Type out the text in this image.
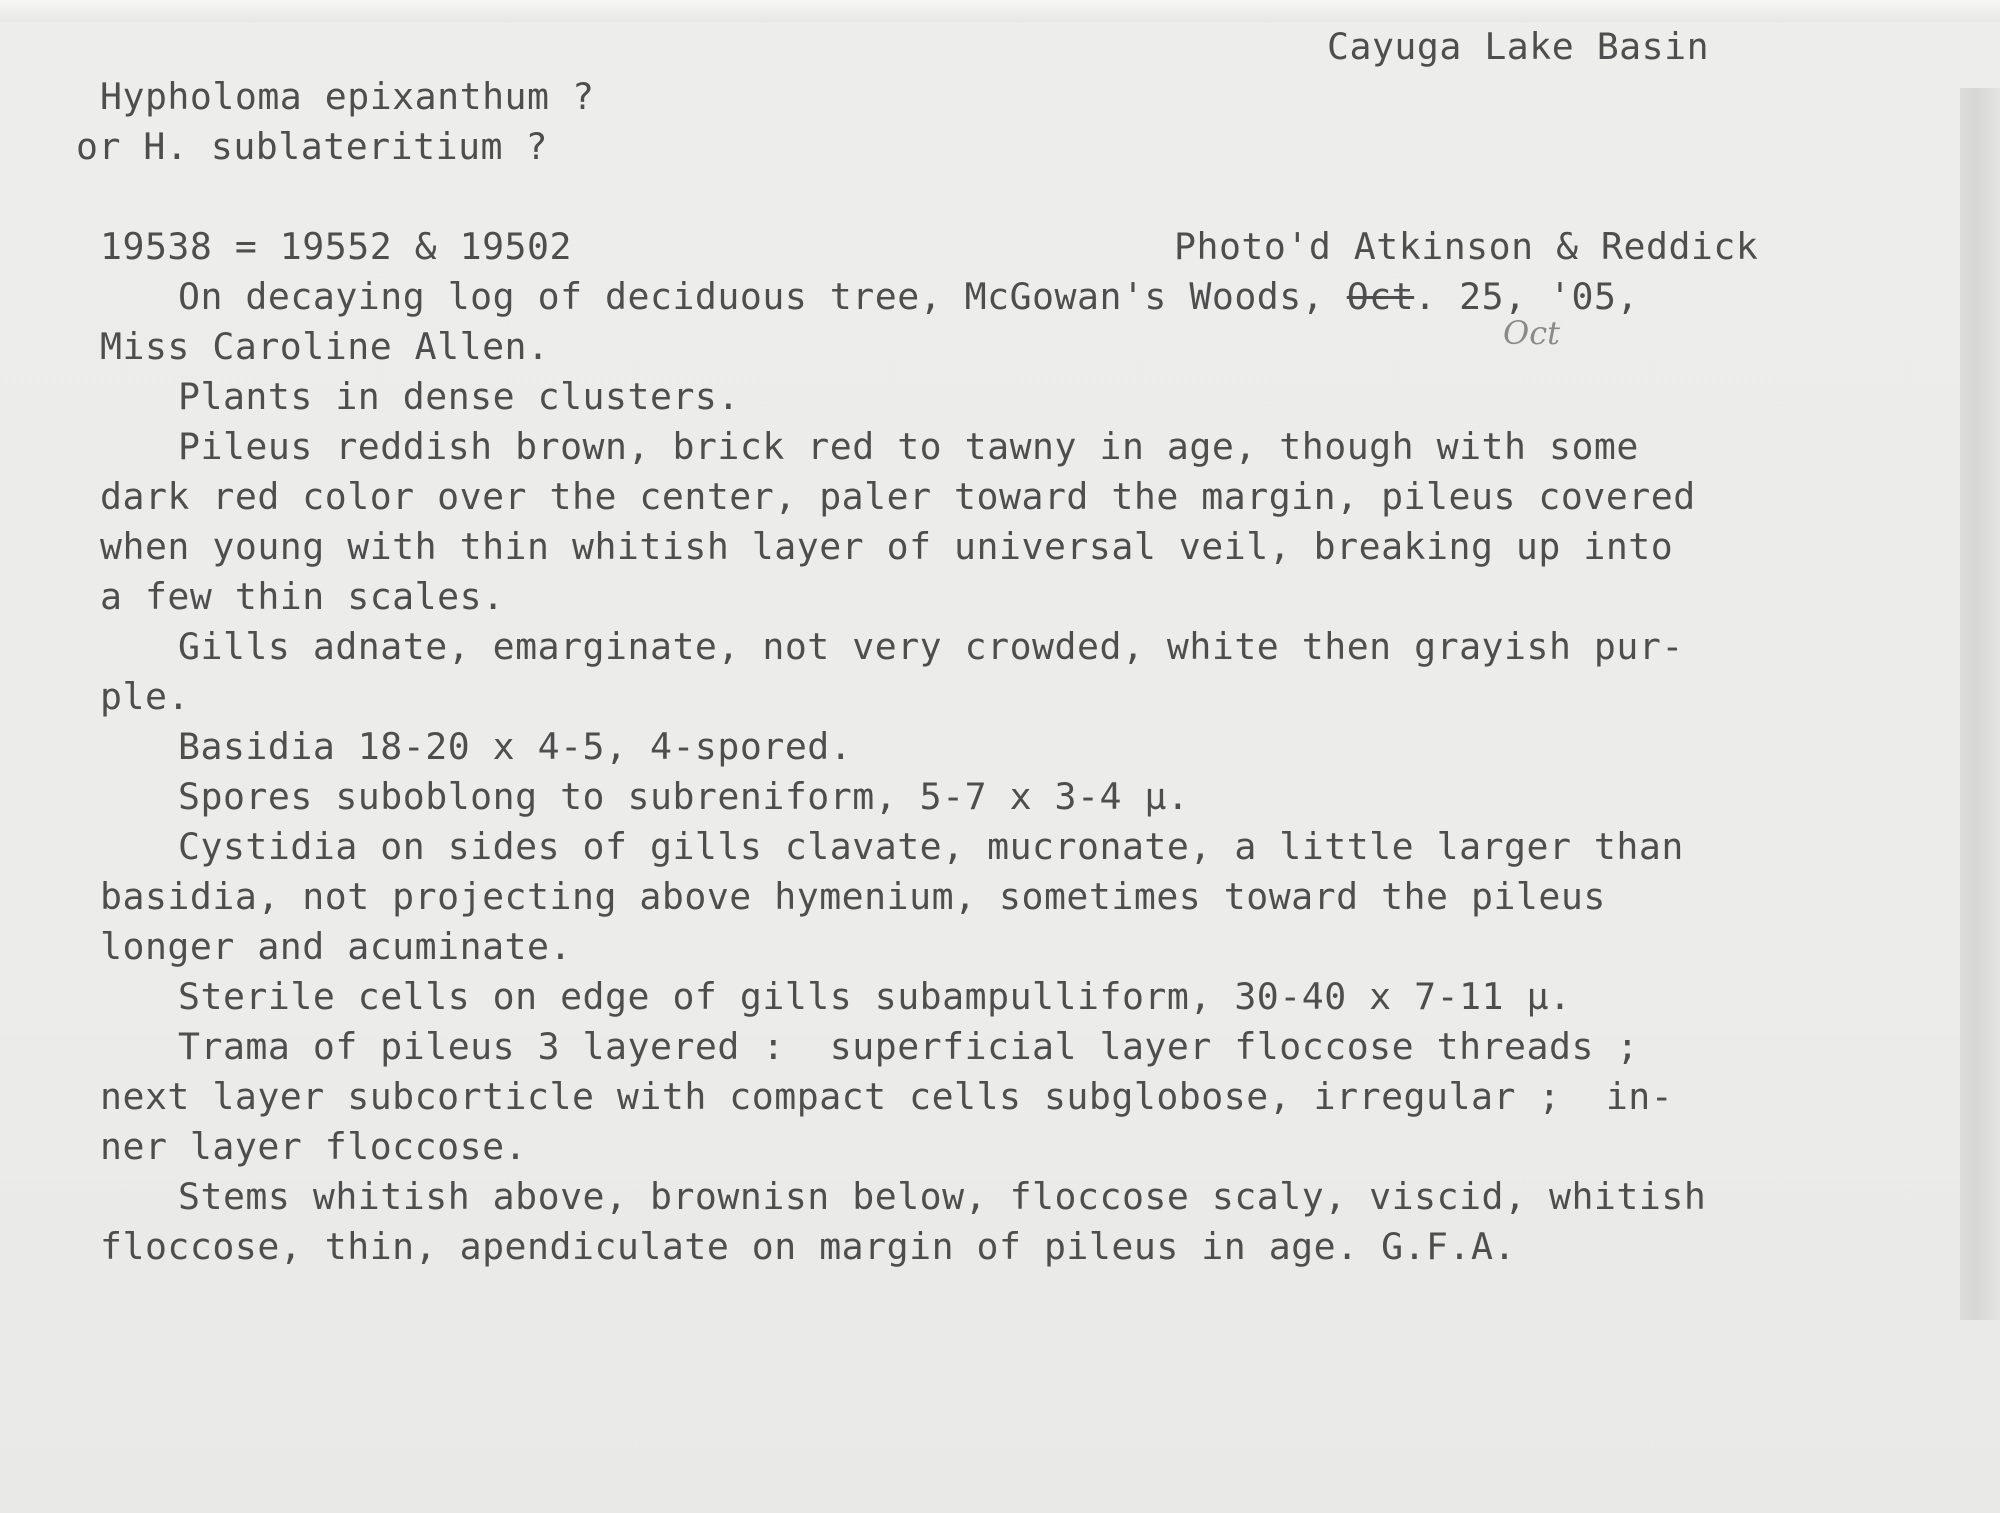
Cayuga Lake Basin
Hypholoma epixanthum ?
or H. sublateritium ?
19538 = 19552 & 19502	Photo'd Atkinson & Reddick
On decaying log of deciduous tree, McGowan's Woods, Oct. 25, '05,
Oct
Miss Caroline Allen.
Plants in dense clusters.
Pileus reddish brown, brick red to tawny in age, though with some
dark red color over the center, paler toward the margin, pileus covered
when young with thin whitish layer of universal veil, breaking up into
a few thin scales.
Gills adnate, emarginate, not very crowded, white then grayish pur-
ple.
Basidia 18-20 x 4-5, 4-spored.
Spores suboblong to subreniform, 5-7 x 3-4 µ.
Cystidia on sides of gills clavate, mucronate, a little larger than
basidia, not projecting above hymenium, sometimes toward the pileus
longer and acuminate.
Sterile cells on edge of gills subampulliform, 30-40 x 7-11 µ.
Trama of pileus 3 layered :  superficial layer floccose threads ;
next layer subcorticle with compact cells subglobose, irregular ;  in-
ner layer floccose.
Stems whitish above, brownisn below, floccose scaly, viscid, whitish
floccose, thin, apendiculate on margin of pileus in age. G.F.A.
